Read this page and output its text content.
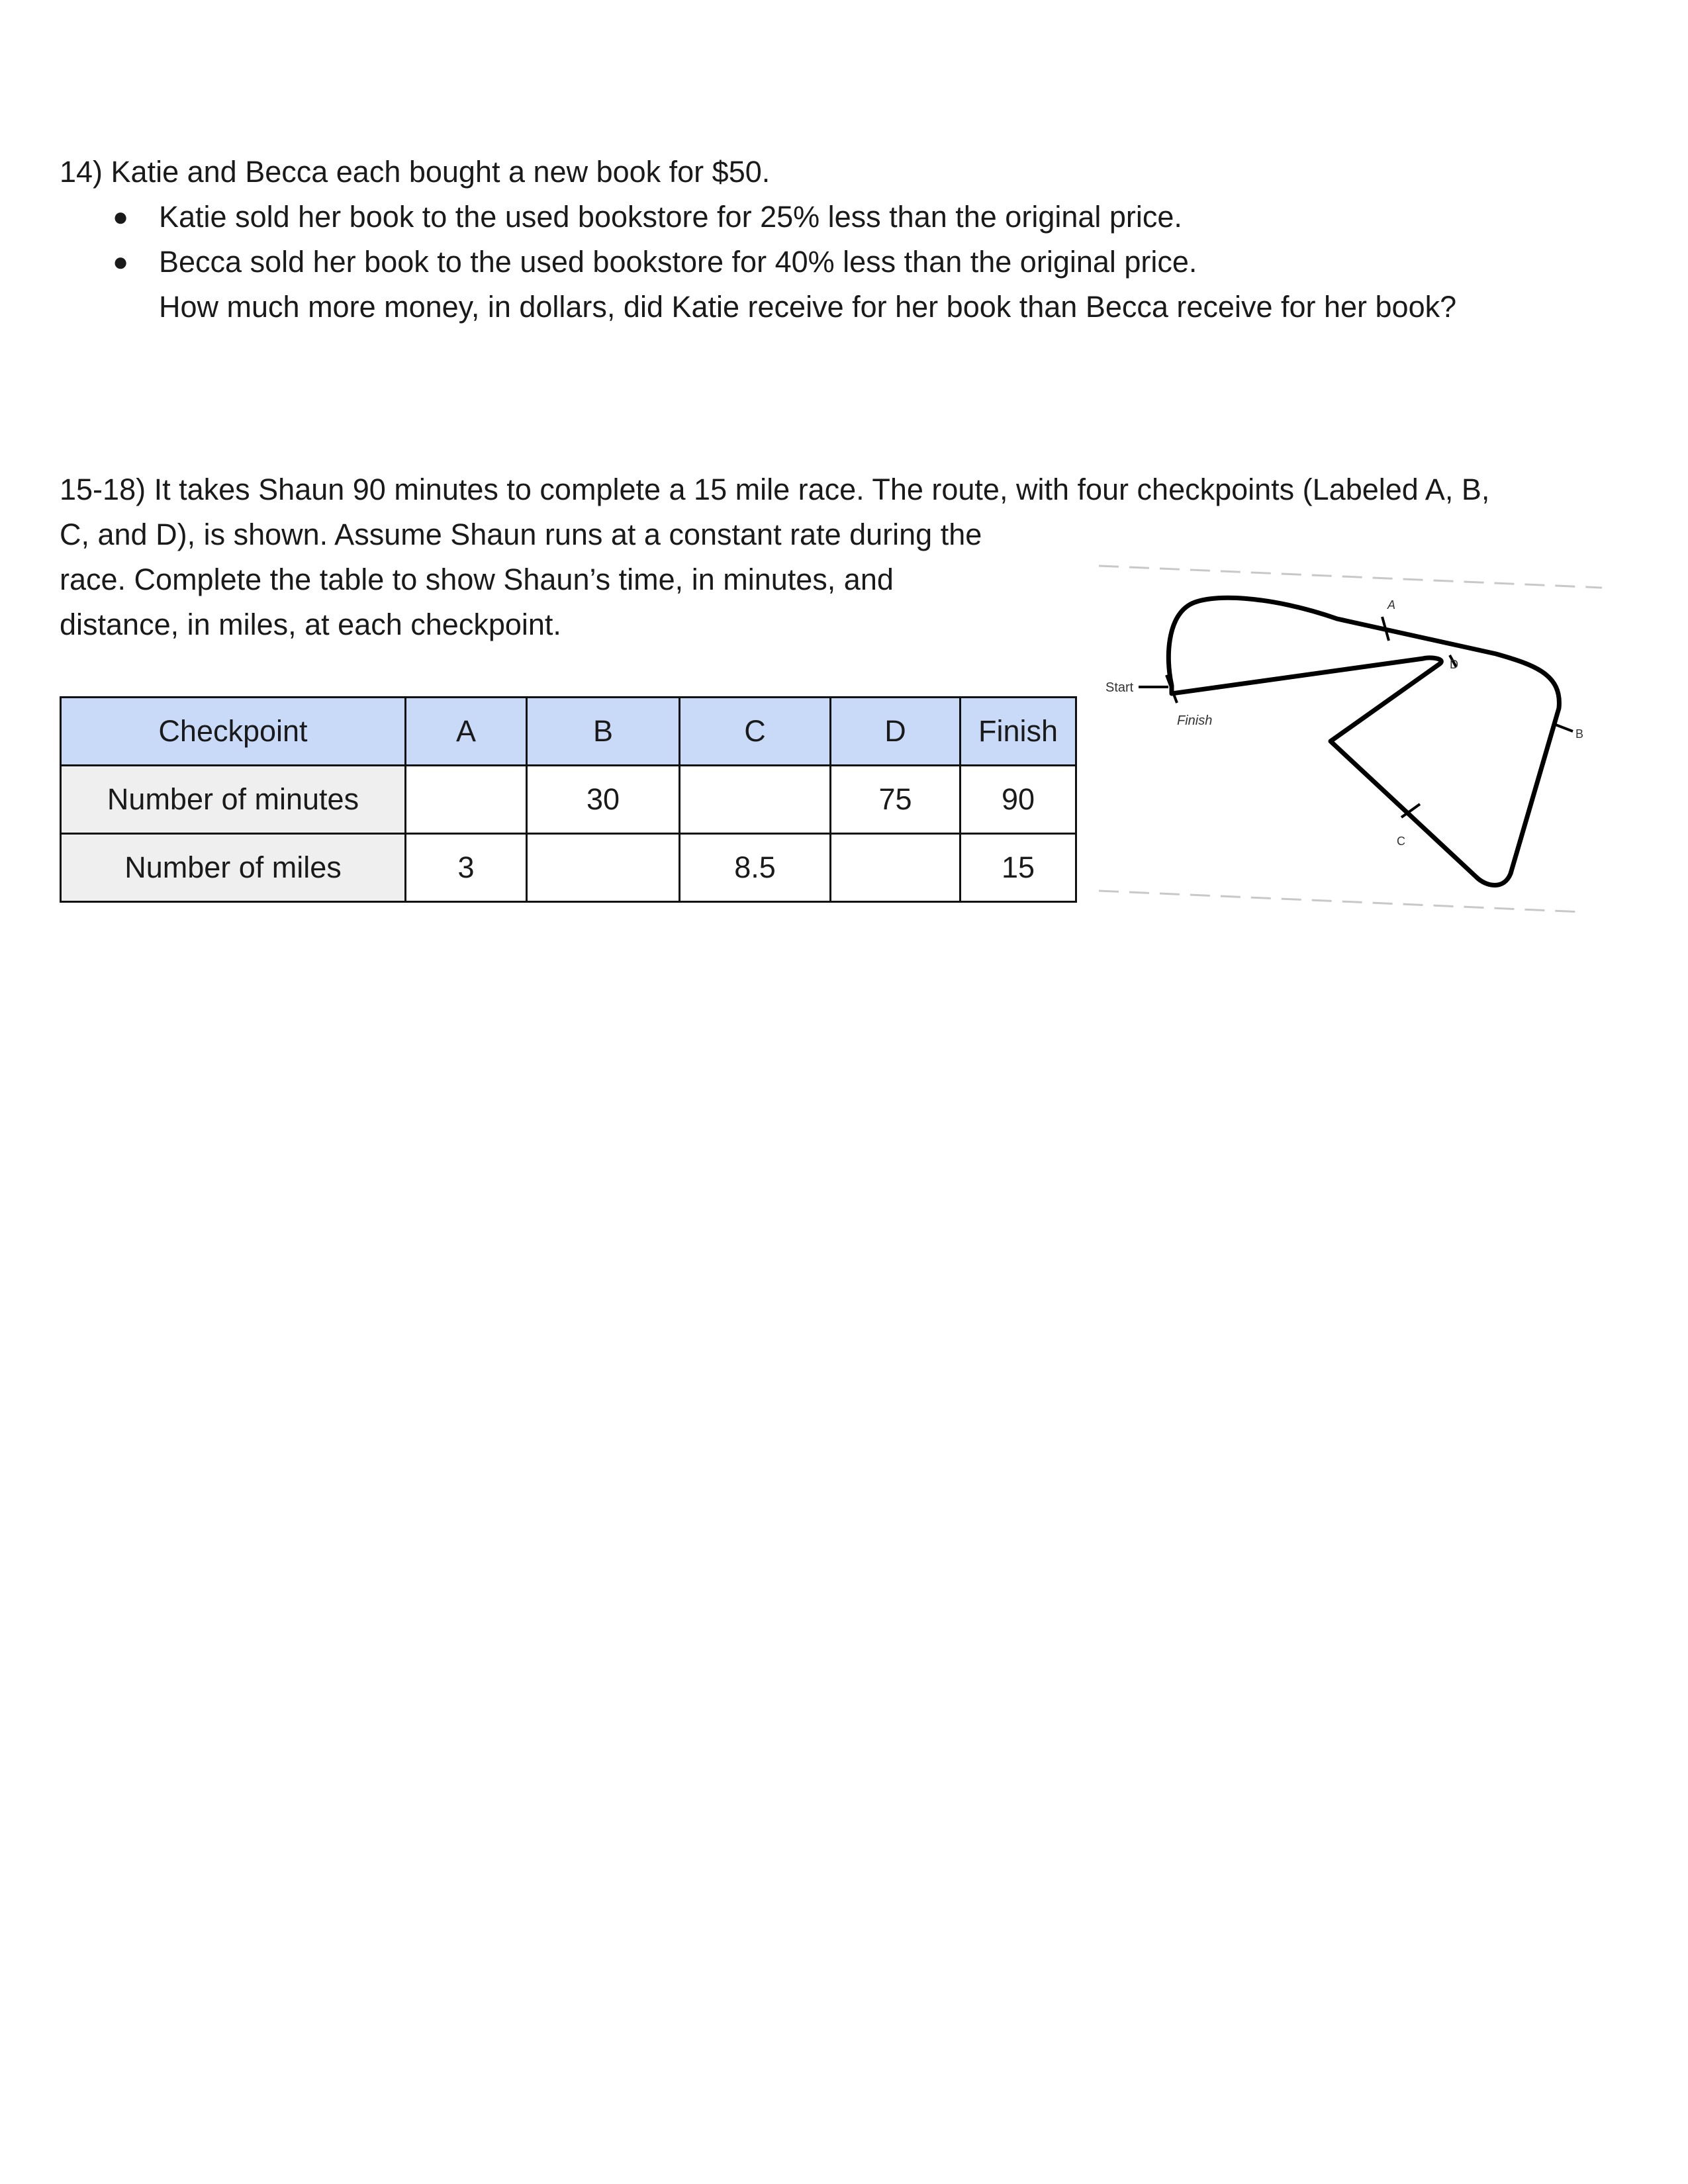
14) Katie and Becca each bought a new book for $50.
● Katie sold her book to the used bookstore for 25% less than the original price.
● Becca sold her book to the used bookstore for 40% less than the original price.
How much more money, in dollars, did Katie receive for her book than Becca receive for her book?
15-18) It takes Shaun 90 minutes to complete a 15 mile race. The route, with four checkpoints (Labeled A, B,
C, and D), is shown. Assume Shaun runs at a constant rate during the
race. Complete the table to show Shaun’s time, in minutes, and
distance, in miles, at each checkpoint.
Checkpoint	A	B	C	D	Finish
Number of minutes		30		75	90
Number of miles	3		8.5		15
Start
Finish
A
B
C
D
